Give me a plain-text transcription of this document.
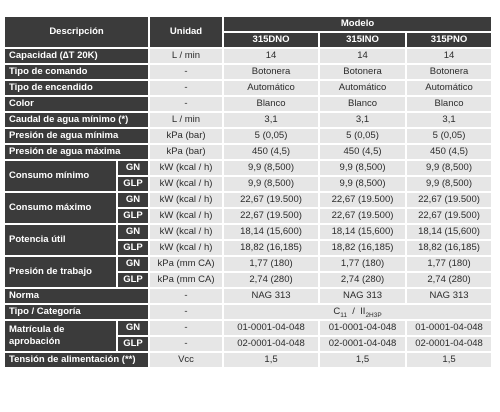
Descripción		Unidad	Modelo		
			315DNO	315INO	315PNO
Capacidad (∆T 20K)		L / min	14	14	14
Tipo de comando		-	Botonera	Botonera	Botonera
Tipo de encendido		-	Automático	Automático	Automático
Color		-	Blanco	Blanco	Blanco
Caudal de agua mínimo (*)		L / min	3,1	3,1	3,1
Presión de agua mínima		kPa (bar)	5 (0,05)	5 (0,05)	5 (0,05)
Presión de agua máxima		kPa (bar)	450 (4,5)	450 (4,5)	450 (4,5)
Consumo mínimo	GN	kW (kcal / h)	9,9 (8,500)	9,9 (8,500)	9,9 (8,500)
	GLP	kW (kcal / h)	9,9 (8,500)	9,9 (8,500)	9,9 (8,500)
Consumo máximo	GN	kW (kcal / h)	22,67 (19.500)	22,67 (19.500)	22,67 (19.500)
	GLP	kW (kcal / h)	22,67 (19.500)	22,67 (19.500)	22,67 (19.500)
Potencia útil	GN	kW (kcal / h)	18,14 (15,600)	18,14 (15,600)	18,14 (15,600)
	GLP	kW (kcal / h)	18,82 (16,185)	18,82 (16,185)	18,82 (16,185)
Presión de trabajo	GN	kPa (mm CA)	1,77 (180)	1,77 (180)	1,77 (180)
	GLP	kPa (mm CA)	2,74 (280)	2,74 (280)	2,74 (280)
Norma		-	NAG 313	NAG 313	NAG 313
Tipo / Categoría		-	$C_{11} / II_{2H3P}$
Matrícula de aprobación	GN	-	01-0001-04-048	01-0001-04-048	01-0001-04-048
	GLP	-	02-0001-04-048	02-0001-04-048	02-0001-04-048
Tensión de alimentación (**)		Vcc	1,5	1,5	1,5
